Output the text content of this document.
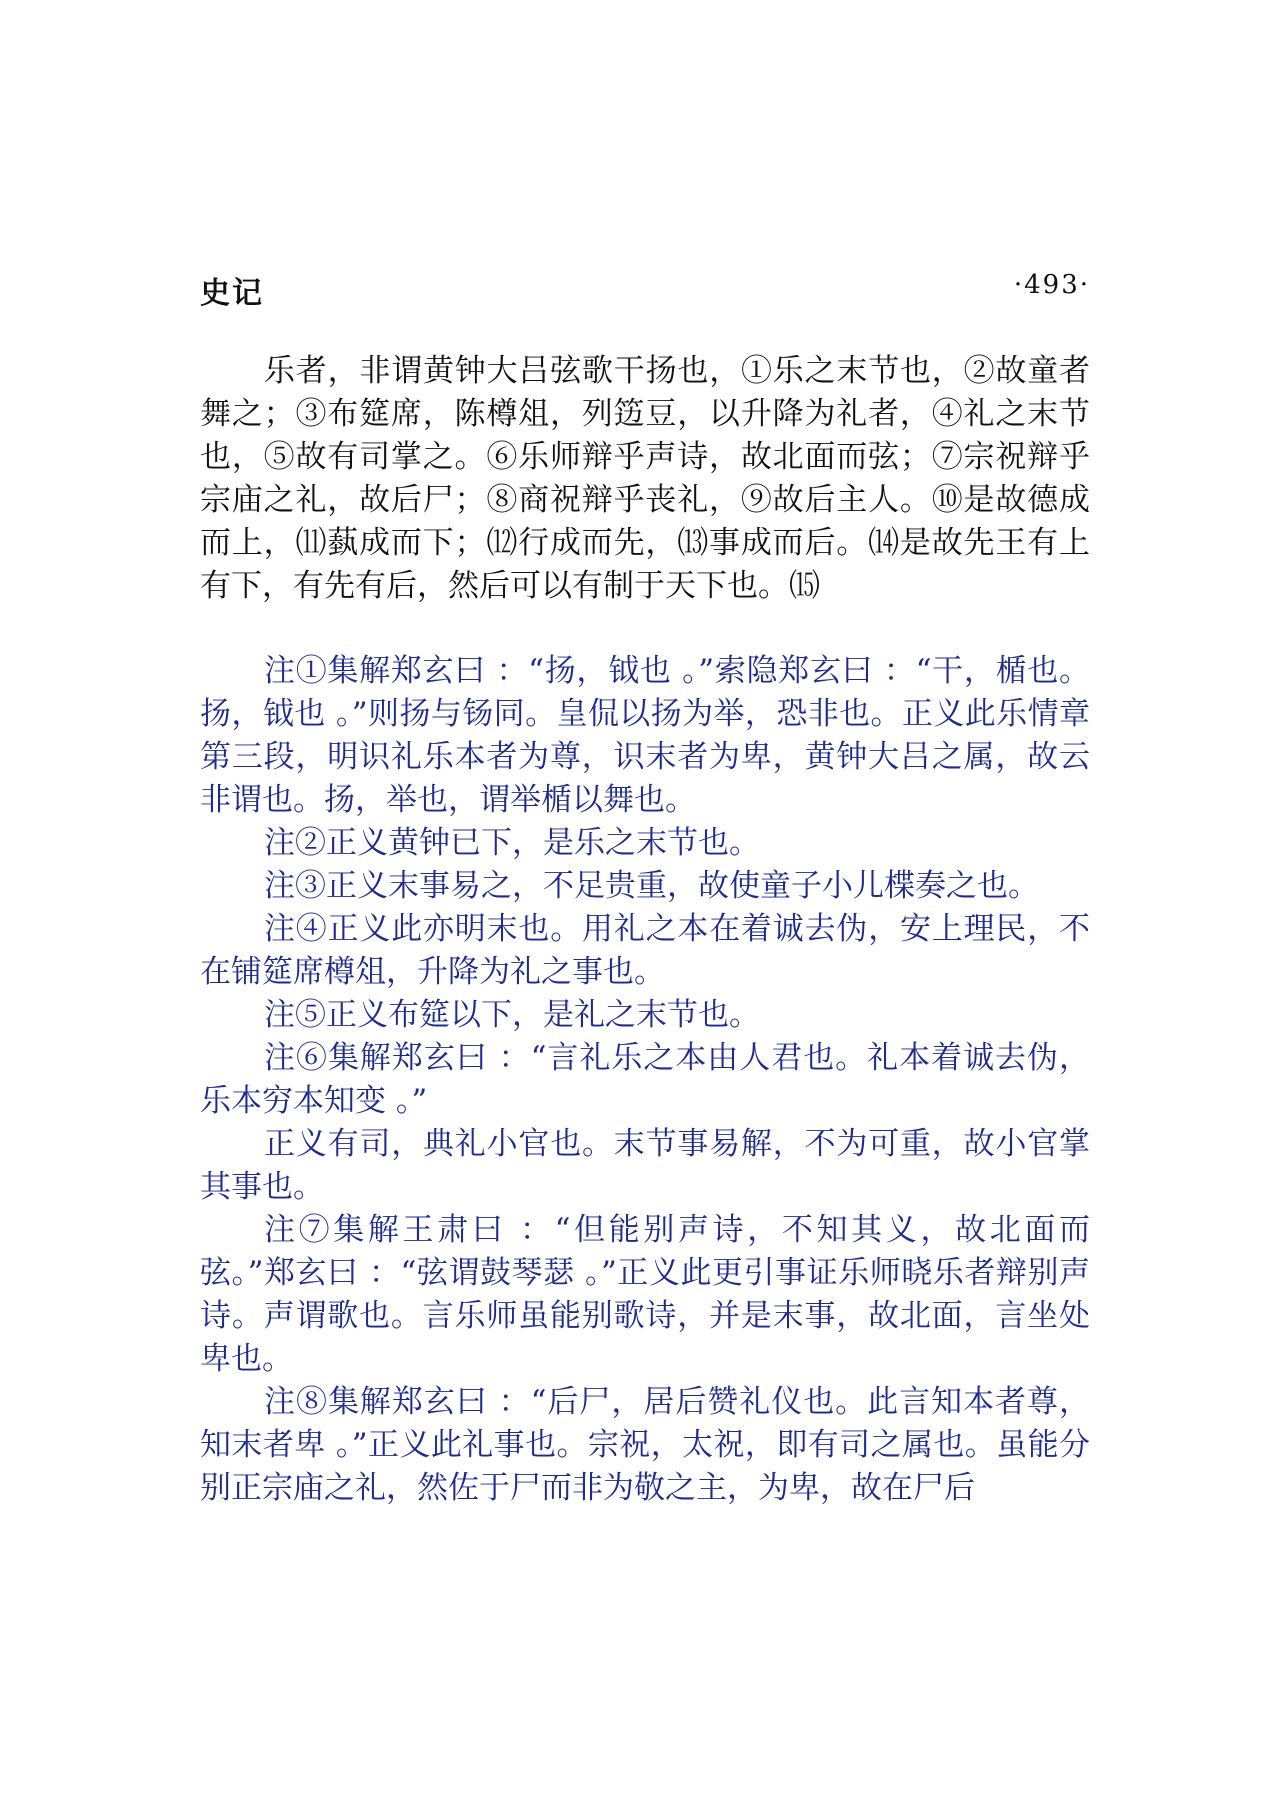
史记	·493·

乐者，非谓黄钟大吕弦歌干扬也，①乐之末节也，②故童者舞之；③布筵席，陈樽俎，列笾豆，以升降为礼者，④礼之末节也，⑤故有司掌之。⑥乐师辩乎声诗，故北面而弦；⑦宗祝辩乎宗庙之礼，故后尸；⑧商祝辩乎丧礼，⑨故后主人。⑩是故德成而上，⑾蓺成而下；⑿行成而先，⒀事成而后。⒁是故先王有上有下，有先有后，然后可以有制于天下也。⒂

注①集解郑玄曰 ：“扬，钺也 。”索隐郑玄曰 ：“干，楯也。扬，钺也 。”则扬与钖同。皇侃以扬为举，恐非也。正义此乐情章第三段，明识礼乐本者为尊，识末者为卑，黄钟大吕之属，故云非谓也。扬，举也，谓举楯以舞也。

注②正义黄钟已下，是乐之末节也。

注③正义末事易之，不足贵重，故使童子小儿楪奏之也。

注④正义此亦明末也。用礼之本在着诚去伪，安上理民，不在铺筵席樽俎，升降为礼之事也。

注⑤正义布筵以下，是礼之末节也。

注⑥集解郑玄曰 ：“言礼乐之本由人君也。礼本着诚去伪，乐本穷本知变 。”

正义有司，典礼小官也。末节事易解，不为可重，故小官掌其事也。

注⑦集解王肃曰 ：“但能别声诗，不知其义，故北面而弦。”郑玄曰 ：“弦谓鼓琴瑟 。”正义此更引事证乐师晓乐者辩别声诗。声谓歌也。言乐师虽能别歌诗，并是末事，故北面，言坐处卑也。

注⑧集解郑玄曰 ：“后尸，居后赞礼仪也。此言知本者尊，知末者卑 。”正义此礼事也。宗祝，太祝，即有司之属也。虽能分别正宗庙之礼，然佐于尸而非为敬之主，为卑，故在尸后
